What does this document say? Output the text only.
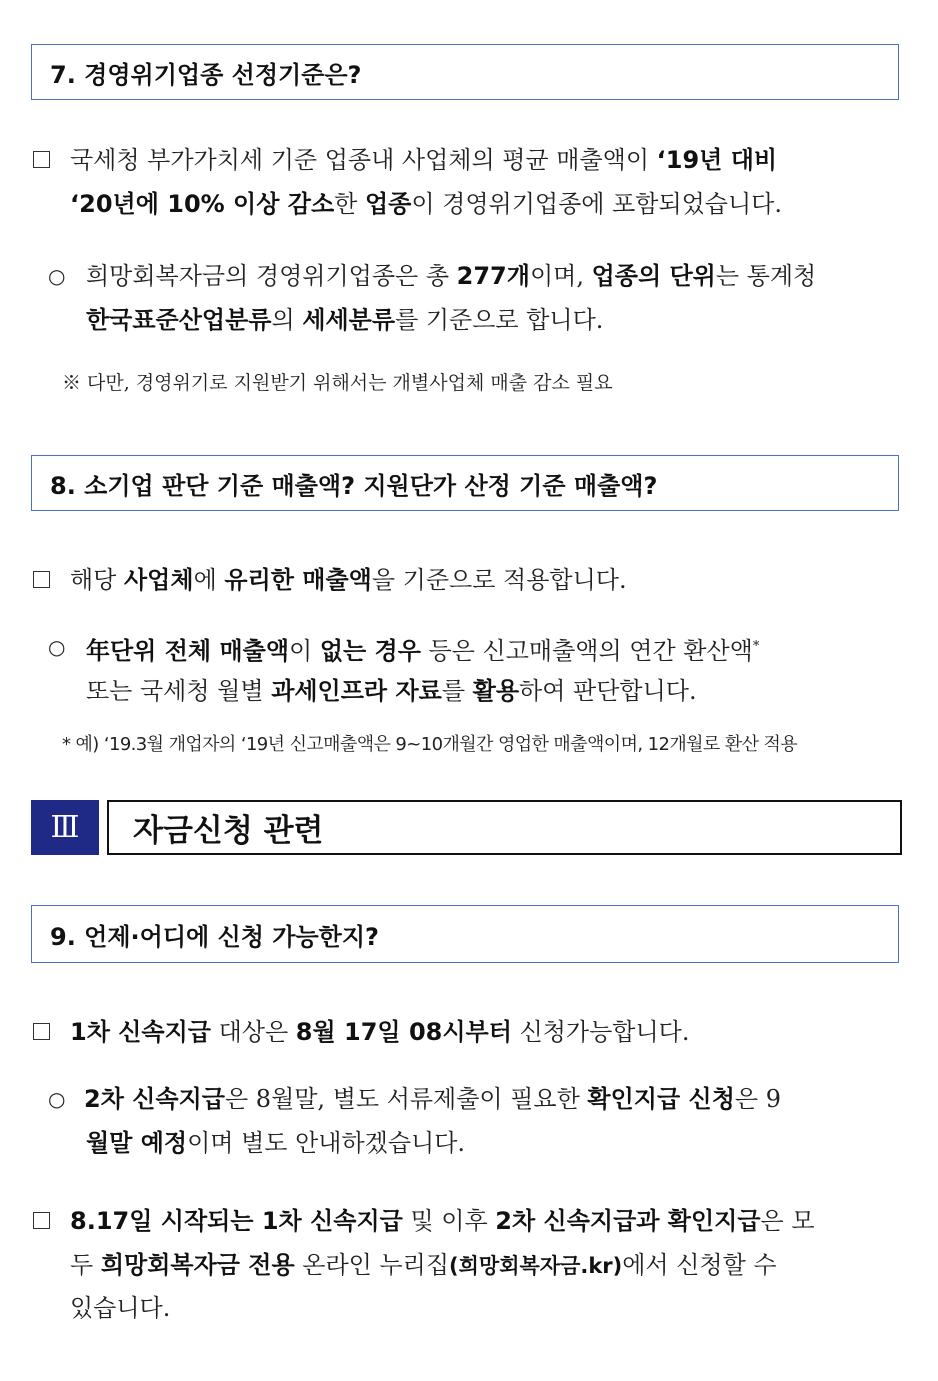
7. 경영위기업종 선정기준은?
국세청 부가가치세 기준 업종내 사업체의 평균 매출액이 ‘19년 대비
‘20년에 10% 이상 감소한 업종이 경영위기업종에 포함되었습니다.
○ 희망회복자금의 경영위기업종은 총 277개이며, 업종의 단위는 통계청
한국표준산업분류의 세세분류를 기준으로 합니다.
※ 다만, 경영위기로 지원받기 위해서는 개별사업체 매출 감소 필요
8. 소기업 판단 기준 매출액? 지원단가 산정 기준 매출액?
해당 사업체에 유리한 매출액을 기준으로 적용합니다.
○ 年단위 전체 매출액이 없는 경우 등은 신고매출액의 연간 환산액*
또는 국세청 월별 과세인프라 자료를 활용하여 판단합니다.
* 예) ‘19.3월 개업자의 ‘19년 신고매출액은 9~10개월간 영업한 매출액이며, 12개월로 환산 적용
Ⅲ	자금신청 관련
9. 언제·어디에 신청 가능한지?
1차 신속지급 대상은 8월 17일 08시부터 신청가능합니다.
○ 2차 신속지급은 8월말, 별도 서류제출이 필요한 확인지급 신청은 9
월말 예정이며 별도 안내하겠습니다.
8.17일 시작되는 1차 신속지급 및 이후 2차 신속지급과 확인지급은 모
두 희망회복자금 전용 온라인 누리집(희망회복자금.kr)에서 신청할 수
있습니다.
